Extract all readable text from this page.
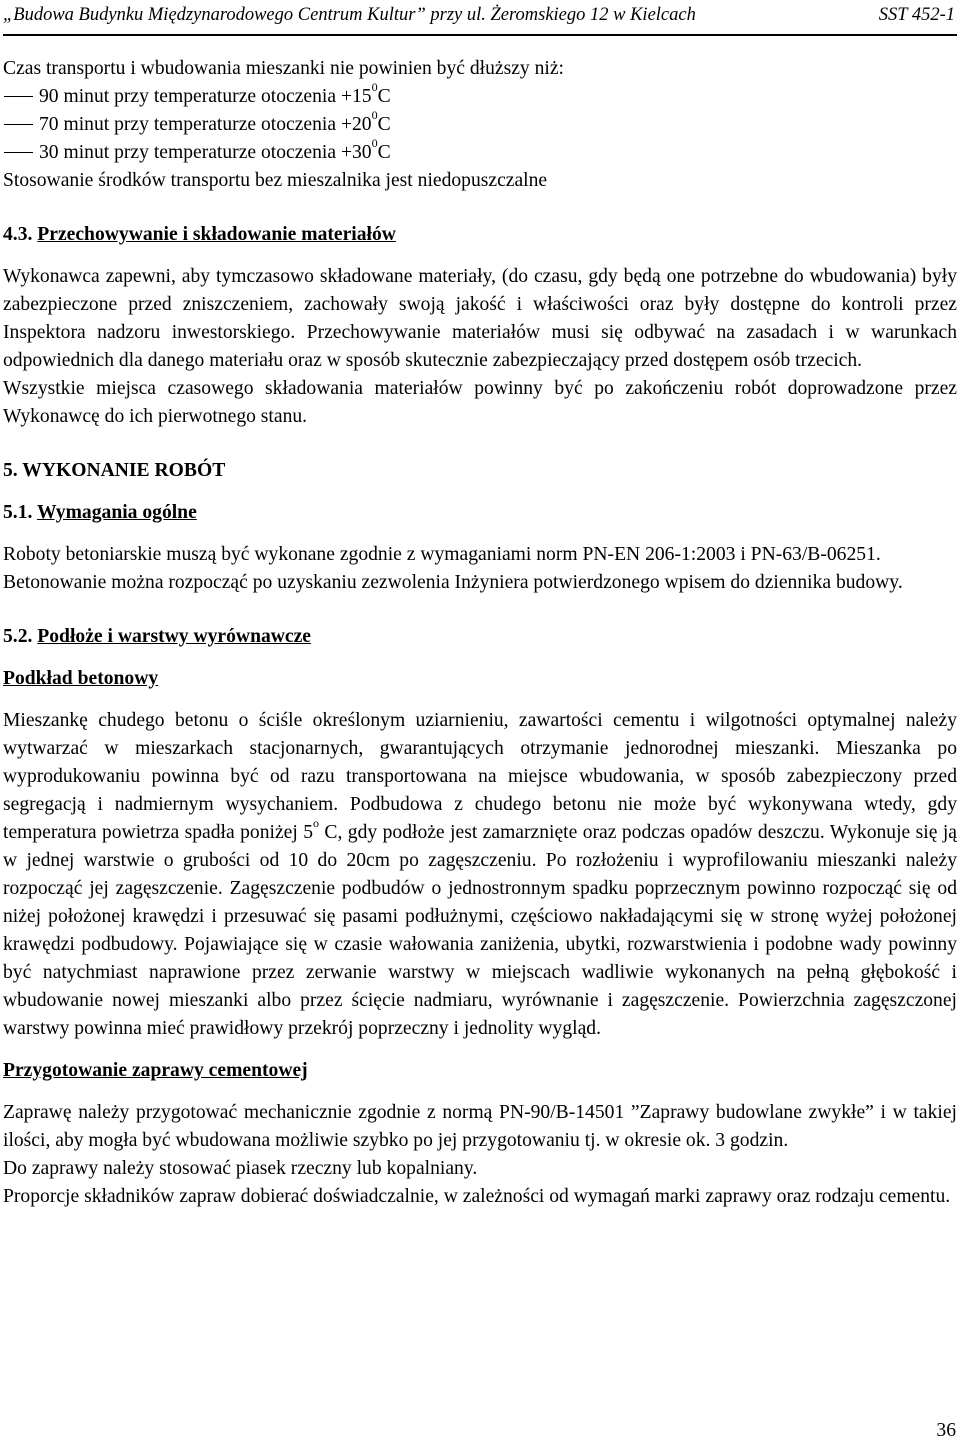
„Budowa Budynku Międzynarodowego Centrum Kultur” przy ul. Żeromskiego 12 w Kielcach	SST 452-1

Czas transportu i wbudowania mieszanki nie powinien być dłuższy niż:

90 minut przy temperaturze otoczenia $+15^0C$
70 minut przy temperaturze otoczenia $+20^0C$
30 minut przy temperaturze otoczenia $+30^0C$

Stosowanie środków transportu bez mieszalnika jest niedopuszczalne

4.3. Przechowywanie i składowanie materiałów

Wykonawca zapewni, aby tymczasowo składowane materiały, (do czasu, gdy będą one potrzebne do wbudowania) były zabezpieczone przed zniszczeniem, zachowały swoją jakość i właściwości oraz były dostępne do kontroli przez Inspektora nadzoru inwestorskiego. Przechowywanie materiałów musi się odbywać na zasadach i w warunkach odpowiednich dla danego materiału oraz w sposób skutecznie zabezpieczający przed dostępem osób trzecich.

Wszystkie miejsca czasowego składowania materiałów powinny być po zakończeniu robót doprowadzone przez Wykonawcę do ich pierwotnego stanu.

5. WYKONANIE ROBÓT
5.1. Wymagania ogólne

Roboty betoniarskie muszą być wykonane zgodnie z wymaganiami norm PN-EN 206-1:2003 i PN-63/B-06251.

Betonowanie można rozpocząć po uzyskaniu zezwolenia Inżyniera potwierdzonego wpisem do dziennika budowy.

5.2. Podłoże i warstwy wyrównawcze
Podkład betonowy

Mieszankę chudego betonu o ściśle określonym uziarnieniu, zawartości cementu i wilgotności optymalnej należy wytwarzać w mieszarkach stacjonarnych, gwarantujących otrzymanie jednorodnej mieszanki. Mieszanka po wyprodukowaniu powinna być od razu transportowana na miejsce wbudowania, w sposób zabezpieczony przed segregacją i nadmiernym wysychaniem. Podbudowa z chudego betonu nie może być wykonywana wtedy, gdy temperatura powietrza spadła poniżej 5$^o$ C, gdy podłoże jest zamarznięte oraz podczas opadów deszczu. Wykonuje się ją w jednej warstwie o grubości od 10 do 20cm po zagęszczeniu. Po rozłożeniu i wyprofilowaniu mieszanki należy rozpocząć jej zagęszczenie. Zagęszczenie podbudów o jednostronnym spadku poprzecznym powinno rozpocząć się od niżej położonej krawędzi i przesuwać się pasami podłużnymi, częściowo nakładającymi się w stronę wyżej położonej krawędzi podbudowy. Pojawiające się w czasie wałowania zaniżenia, ubytki, rozwarstwienia i podobne wady powinny być natychmiast naprawione przez zerwanie warstwy w miejscach wadliwie wykonanych na pełną głębokość i wbudowanie nowej mieszanki albo przez ścięcie nadmiaru, wyrównanie i zagęszczenie. Powierzchnia zagęszczonej warstwy powinna mieć prawidłowy przekrój poprzeczny i jednolity wygląd.

Przygotowanie zaprawy cementowej

Zaprawę należy przygotować mechanicznie zgodnie z normą PN-90/B-14501 ”Zaprawy budowlane zwykłe” i w takiej ilości, aby mogła być wbudowana możliwie szybko po jej przygotowaniu tj. w okresie ok. 3 godzin.

Do zaprawy należy stosować piasek rzeczny lub kopalniany.

Proporcje składników zapraw dobierać doświadczalnie, w zależności od wymagań marki zaprawy oraz rodzaju cementu.

36
